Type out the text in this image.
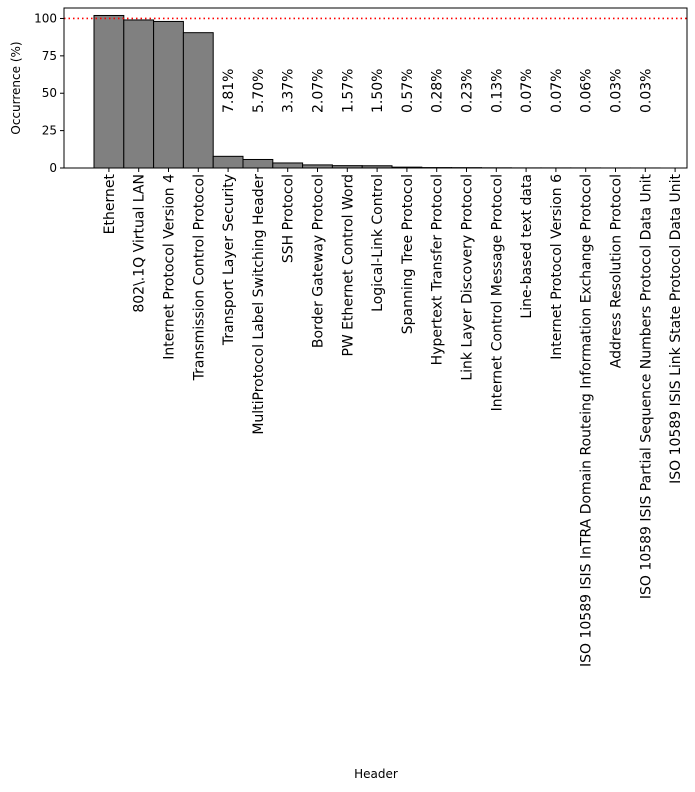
7.81% 5.70% 3.37% 2.07% 1.57% 1.50% 0.57% 0.28% 0.23% 0.13% 0.07% 0.07% 0.06% 0.03% 0.03%
0
25
50
75
100
Ethernet 802\.1Q Virtual LAN Internet Protocol Version 4 Transmission Control Protocol Transport Layer Security MultiProtocol Label Switching Header SSH Protocol Border Gateway Protocol PW Ethernet Control Word Logical-Link Control Spanning Tree Protocol Hypertext Transfer Protocol Link Layer Discovery Protocol Internet Control Message Protocol Line-based text data Internet Protocol Version 6 ISO 10589 ISIS InTRA Domain Routeing Information Exchange Protocol Address Resolution Protocol ISO 10589 ISIS Partial Sequence Numbers Protocol Data Unit ISO 10589 ISIS Link State Protocol Data Unit
Occurrence (%)
Header
